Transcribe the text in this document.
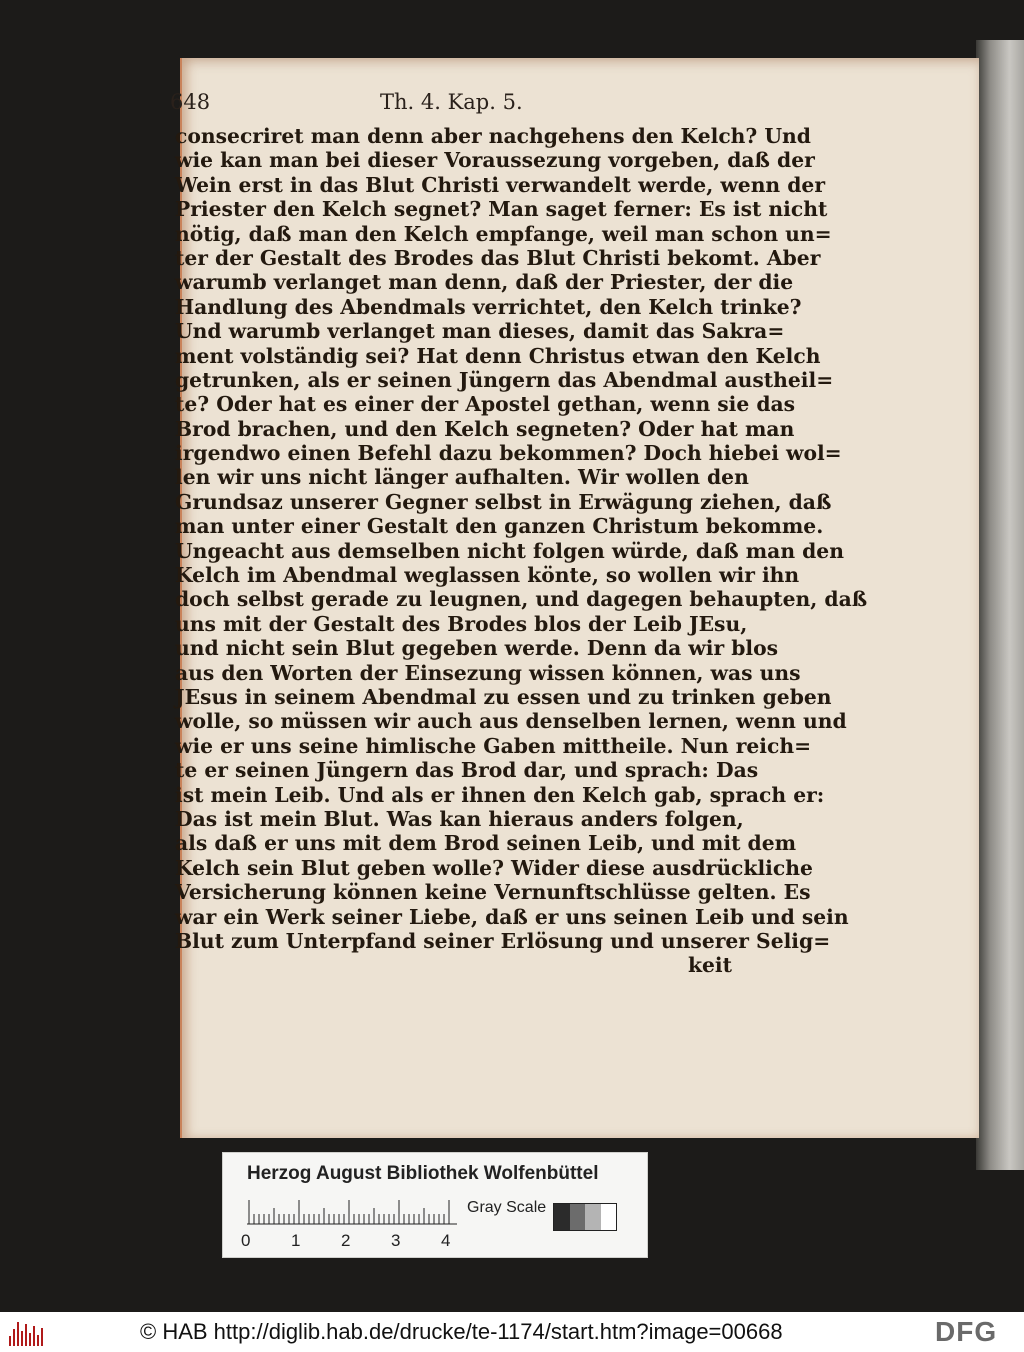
648	Th. 4. Kap. 5.
consecriret man denn aber nachgehens den Kelch? Und
wie kan man bei dieser Voraussezung vorgeben, daß der
Wein erst in das Blut Christi verwandelt werde, wenn der
Priester den Kelch segnet? Man saget ferner: Es ist nicht
nötig, daß man den Kelch empfange, weil man schon un=
ter der Gestalt des Brodes das Blut Christi bekomt. Aber
warumb verlanget man denn, daß der Priester, der die
Handlung des Abendmals verrichtet, den Kelch trinke?
Und warumb verlanget man dieses, damit das Sakra=
ment volständig sei? Hat denn Christus etwan den Kelch
getrunken, als er seinen Jüngern das Abendmal austheil=
te? Oder hat es einer der Apostel gethan, wenn sie das
Brod brachen, und den Kelch segneten? Oder hat man
irgendwo einen Befehl dazu bekommen? Doch hiebei wol=
len wir uns nicht länger aufhalten. Wir wollen den
Grundsaz unserer Gegner selbst in Erwägung ziehen, daß
man unter einer Gestalt den ganzen Christum bekomme.
Ungeacht aus demselben nicht folgen würde, daß man den
Kelch im Abendmal weglassen könte, so wollen wir ihn
doch selbst gerade zu leugnen, und dagegen behaupten, daß
uns mit der Gestalt des Brodes blos der Leib JEsu,
und nicht sein Blut gegeben werde. Denn da wir blos
aus den Worten der Einsezung wissen können, was uns
JEsus in seinem Abendmal zu essen und zu trinken geben
wolle, so müssen wir auch aus denselben lernen, wenn und
wie er uns seine himlische Gaben mittheile. Nun reich=
te er seinen Jüngern das Brod dar, und sprach: Das
ist mein Leib. Und als er ihnen den Kelch gab, sprach er:
Das ist mein Blut. Was kan hieraus anders folgen,
als daß er uns mit dem Brod seinen Leib, und mit dem
Kelch sein Blut geben wolle? Wider diese ausdrückliche
Versicherung können keine Vernunftschlüsse gelten. Es
war ein Werk seiner Liebe, daß er uns seinen Leib und sein
Blut zum Unterpfand seiner Erlösung und unserer Selig=
keit
Herzog August Bibliothek Wolfenbüttel
0 1 2 3 4
Gray Scale
© HAB http://diglib.hab.de/drucke/te-1174/start.htm?image=00668	DFG
